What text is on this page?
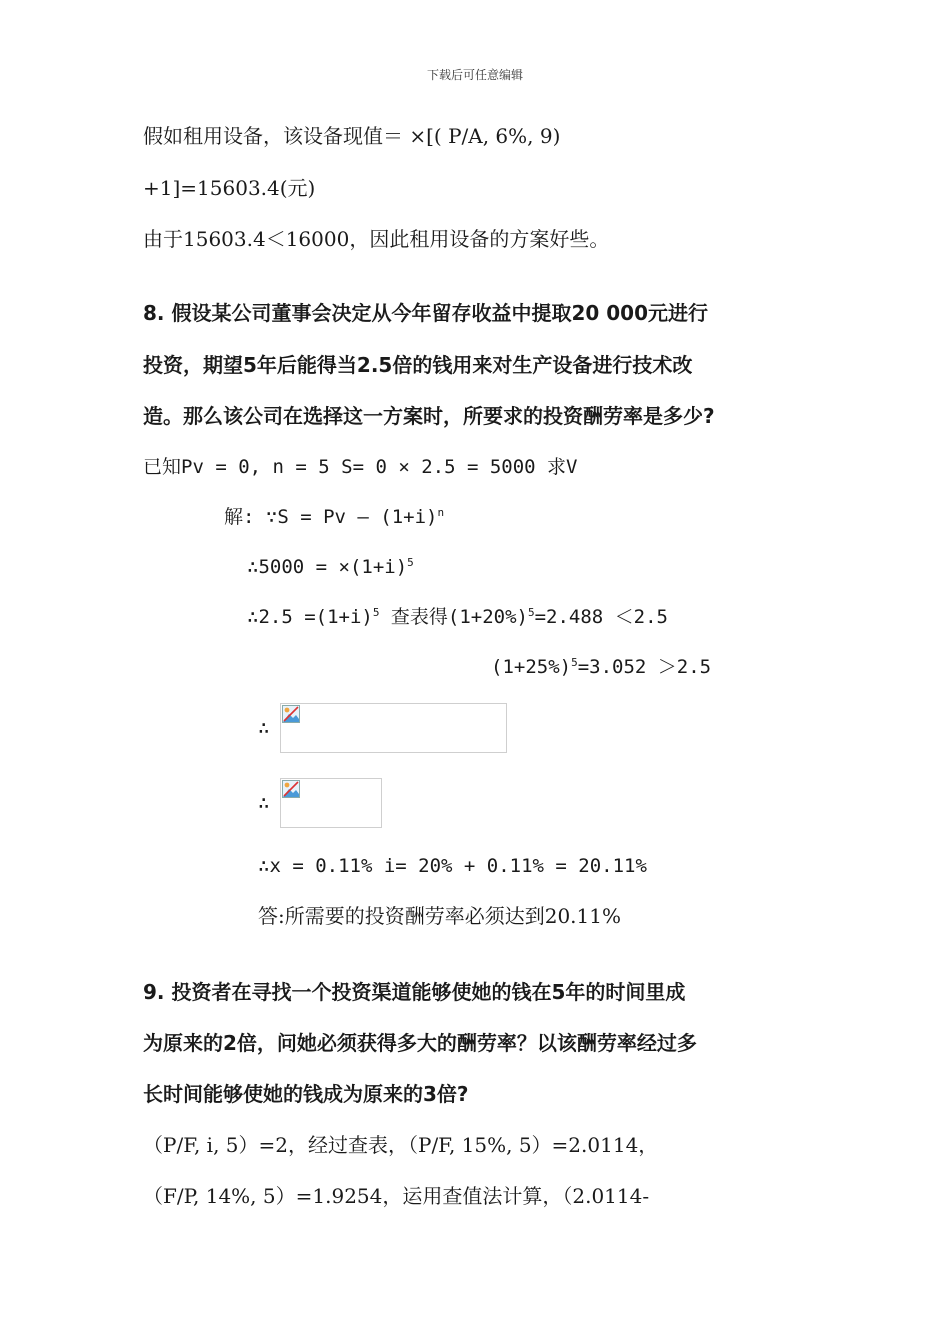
下载后可任意编辑
假如租用设备，该设备现值＝ ×[( P/A, 6%, 9)
+1]=15603.4(元)
由于15603.4＜16000，因此租用设备的方案好些。
8. 假设某公司董事会决定从今年留存收益中提取20 000元进行
投资，期望5年后能得当2.5倍的钱用来对生产设备进行技术改
造。那么该公司在选择这一方案时，所要求的投资酬劳率是多少?
已知Pv = 0, n = 5 S= 0 × 2.5 = 5000 求V
解: ∵S = $Pv - (1+i)^n$
∴5000 = $\times(1+i)^5$
∴2.5 $=(1+i)^5$ 查表得$(1+20\%)^5=2.488 <2.5$
$(1+25\%)^5=3.052 >2.5$
∴
∴
∴x = 0.11% i= 20% + 0.11% = 20.11%
答:所需要的投资酬劳率必须达到20.11%
9. 投资者在寻找一个投资渠道能够使她的钱在5年的时间里成
为原来的2倍，问她必须获得多大的酬劳率？以该酬劳率经过多
长时间能够使她的钱成为原来的3倍?
（P/F, i, 5）=2，经过查表，（P/F, 15%, 5）=2.0114，
（F/P, 14%, 5）=1.9254，运用查值法计算，（2.0114-
